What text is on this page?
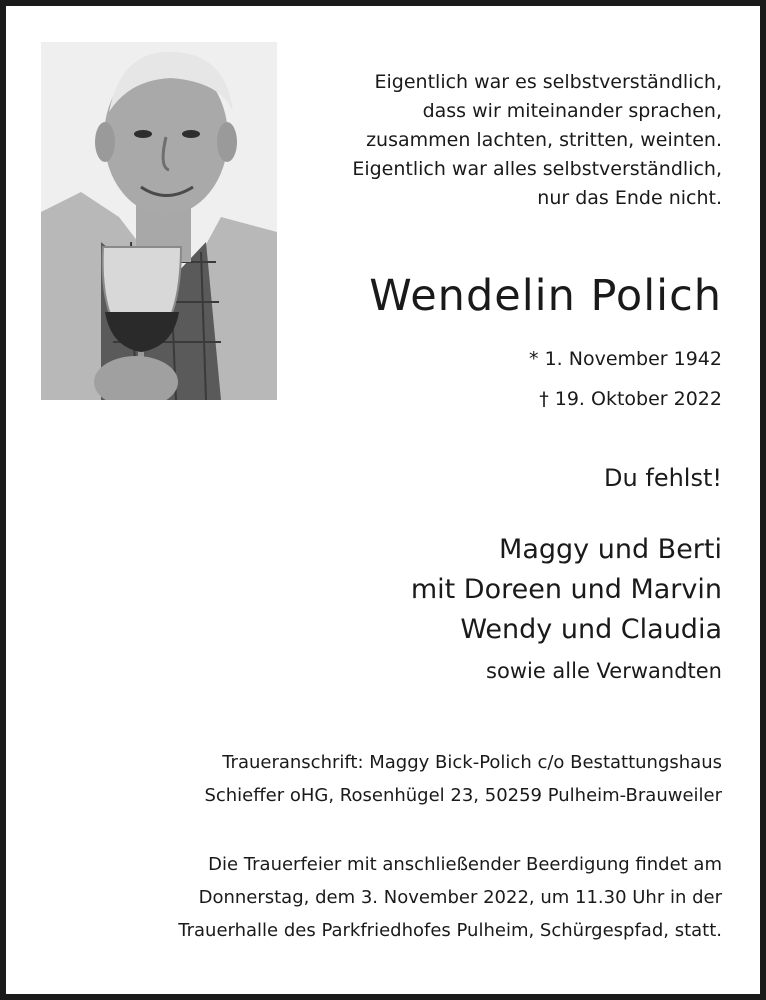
Eigentlich war es selbstverständlich,
dass wir miteinander sprachen,
zusammen lachten, stritten, weinten.
Eigentlich war alles selbstverständlich,
nur das Ende nicht.
Wendelin Polich
* 1. November 1942
† 19. Oktober 2022
Du fehlst!
Maggy und Berti
mit Doreen und Marvin
Wendy und Claudia
sowie alle Verwandten
Traueranschrift: Maggy Bick-Polich c/o Bestattungshaus
Schieffer oHG, Rosenhügel 23, 50259 Pulheim-Brauweiler
Die Trauerfeier mit anschließender Beerdigung findet am
Donnerstag, dem 3. November 2022, um 11.30 Uhr in der
Trauerhalle des Parkfriedhofes Pulheim, Schürgespfad, statt.
